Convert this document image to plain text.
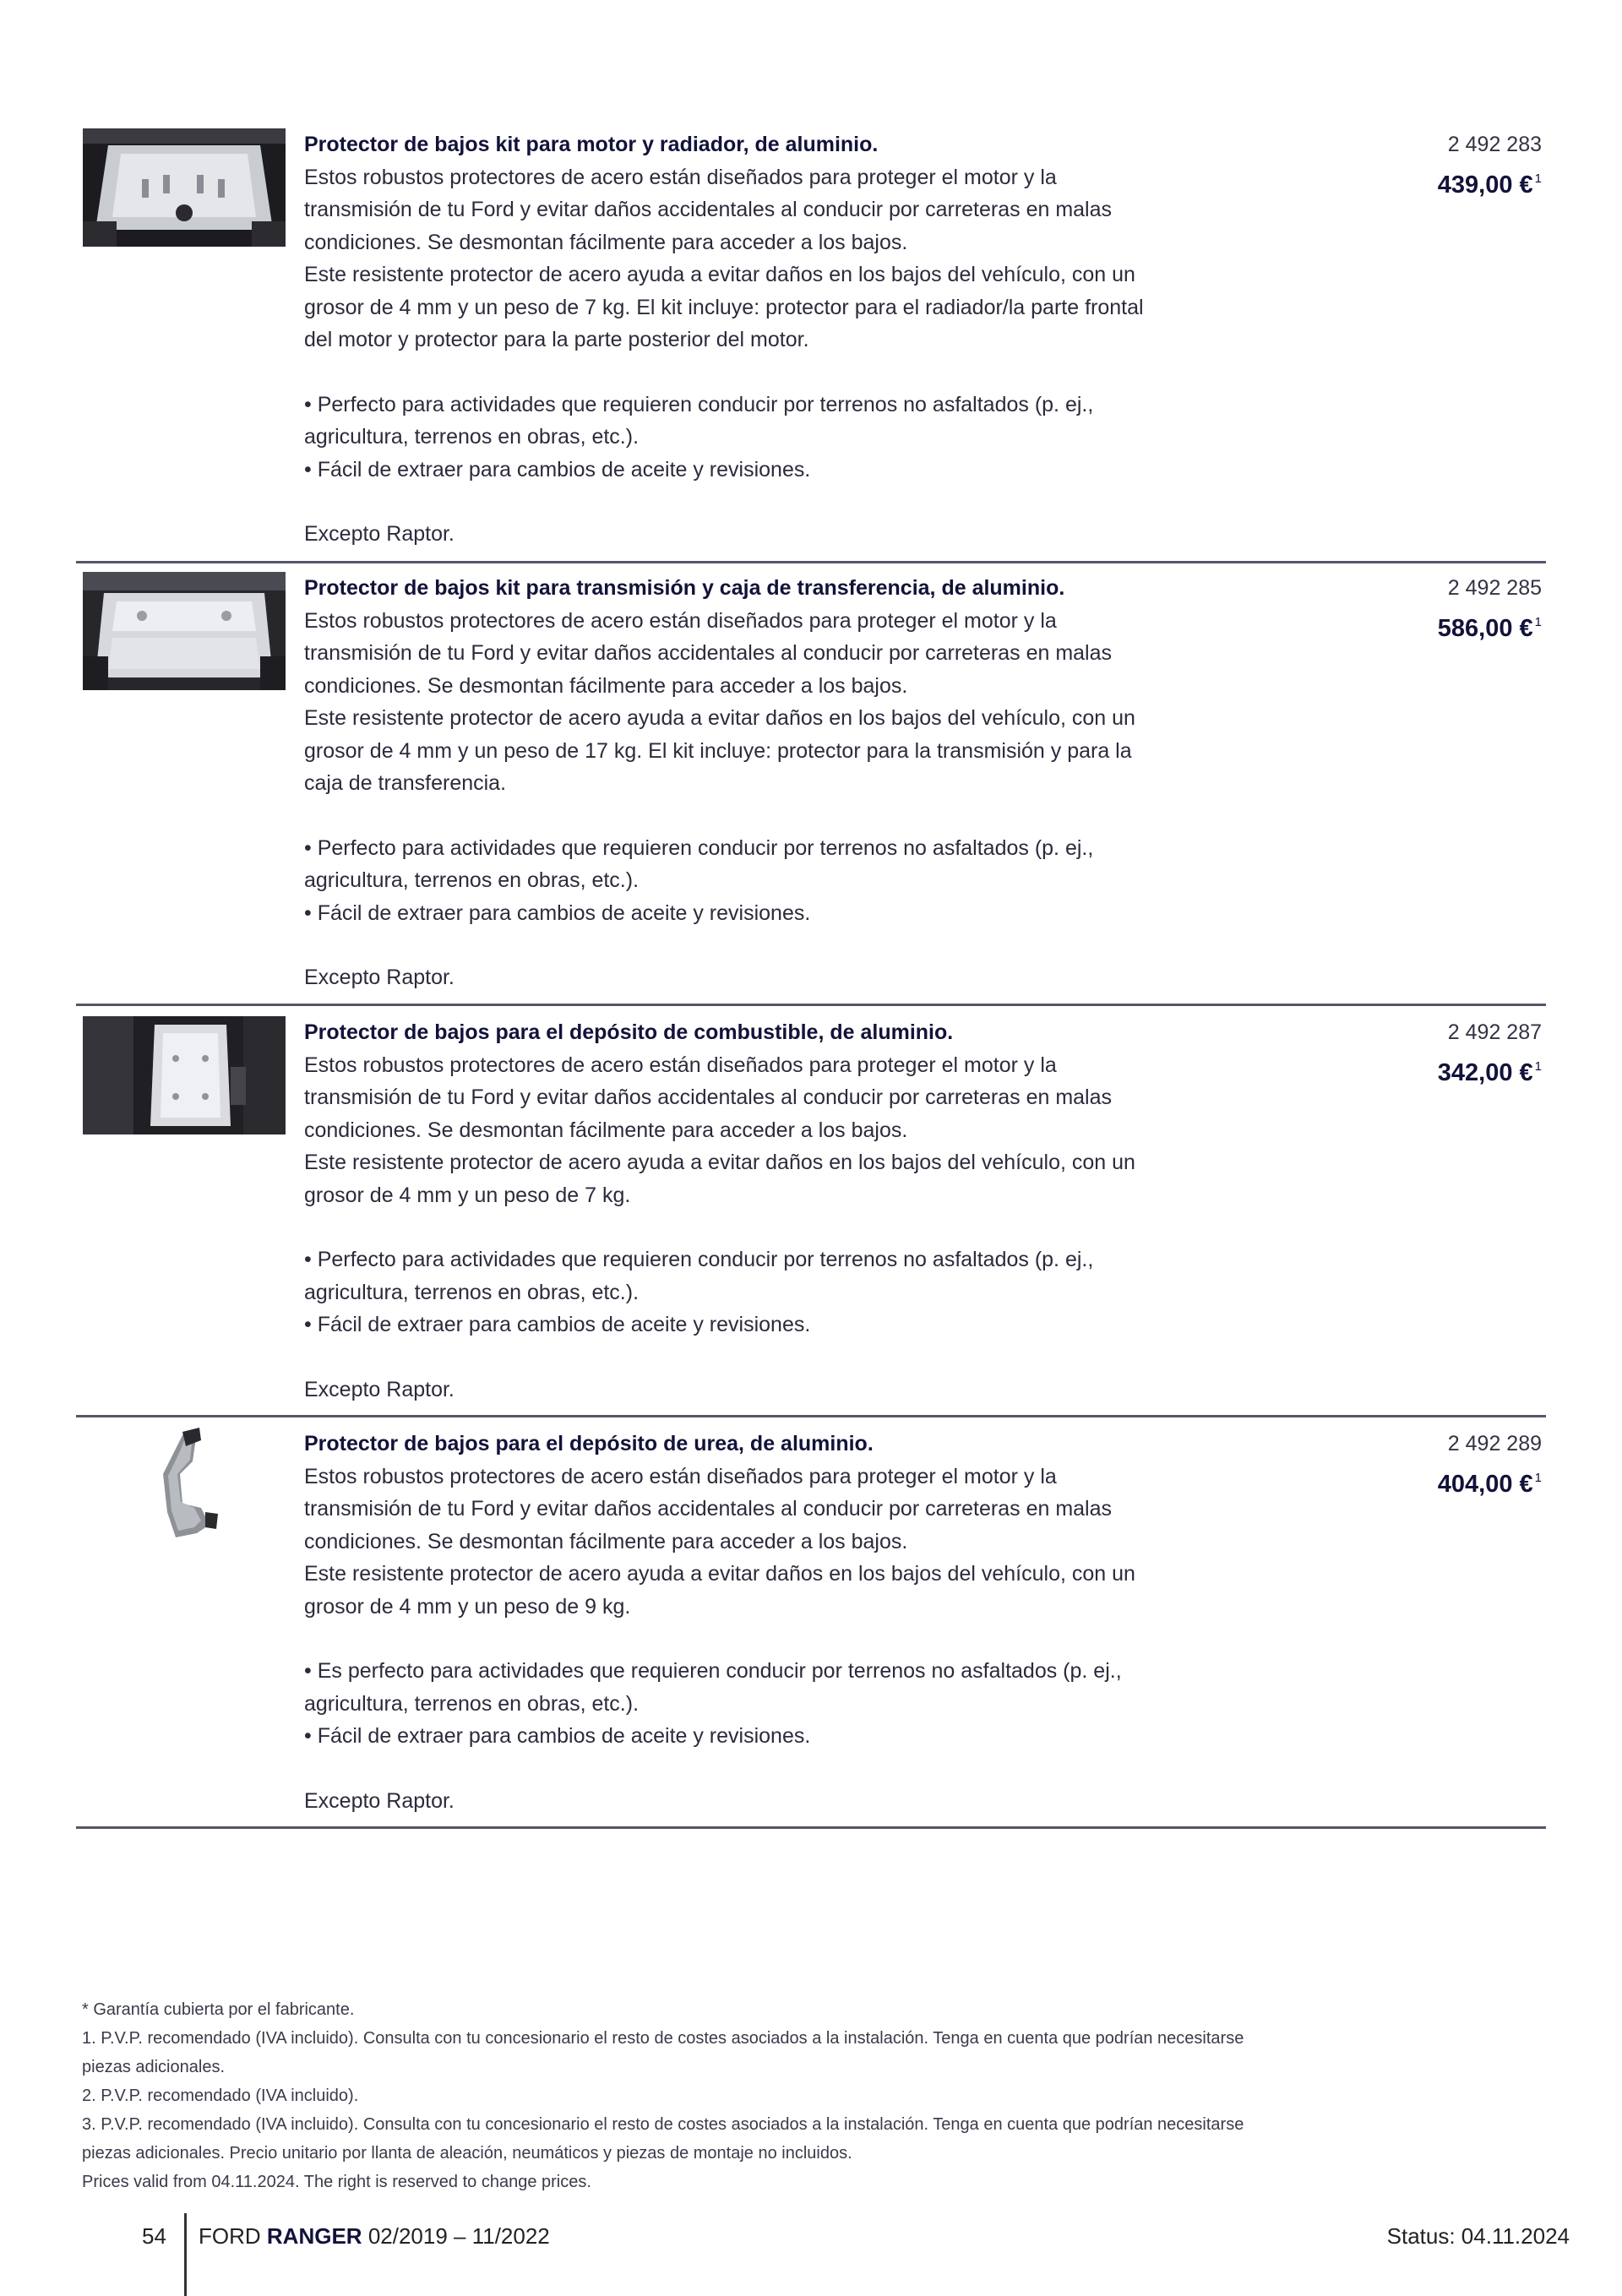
Protector de bajos kit para motor y radiador, de aluminio.
Estos robustos protectores de acero están diseñados para proteger el motor y la
transmisión de tu Ford y evitar daños accidentales al conducir por carreteras en malas
condiciones. Se desmontan fácilmente para acceder a los bajos.
Este resistente protector de acero ayuda a evitar daños en los bajos del vehículo, con un
grosor de 4 mm y un peso de 7 kg. El kit incluye: protector para el radiador/la parte frontal
del motor y protector para la parte posterior del motor.
• Perfecto para actividades que requieren conducir por terrenos no asfaltados (p. ej.,
agricultura, terrenos en obras, etc.).
• Fácil de extraer para cambios de aceite y revisiones.
Excepto Raptor.
2 492 283
439,00 € $^1$
Protector de bajos kit para transmisión y caja de transferencia, de aluminio.
Estos robustos protectores de acero están diseñados para proteger el motor y la
transmisión de tu Ford y evitar daños accidentales al conducir por carreteras en malas
condiciones. Se desmontan fácilmente para acceder a los bajos.
Este resistente protector de acero ayuda a evitar daños en los bajos del vehículo, con un
grosor de 4 mm y un peso de 17 kg. El kit incluye: protector para la transmisión y para la
caja de transferencia.
• Perfecto para actividades que requieren conducir por terrenos no asfaltados (p. ej.,
agricultura, terrenos en obras, etc.).
• Fácil de extraer para cambios de aceite y revisiones.
Excepto Raptor.
2 492 285
586,00 € $^1$
Protector de bajos para el depósito de combustible, de aluminio.
Estos robustos protectores de acero están diseñados para proteger el motor y la
transmisión de tu Ford y evitar daños accidentales al conducir por carreteras en malas
condiciones. Se desmontan fácilmente para acceder a los bajos.
Este resistente protector de acero ayuda a evitar daños en los bajos del vehículo, con un
grosor de 4 mm y un peso de 7 kg.
• Perfecto para actividades que requieren conducir por terrenos no asfaltados (p. ej.,
agricultura, terrenos en obras, etc.).
• Fácil de extraer para cambios de aceite y revisiones.
Excepto Raptor.
2 492 287
342,00 € $^1$
Protector de bajos para el depósito de urea, de aluminio.
Estos robustos protectores de acero están diseñados para proteger el motor y la
transmisión de tu Ford y evitar daños accidentales al conducir por carreteras en malas
condiciones. Se desmontan fácilmente para acceder a los bajos.
Este resistente protector de acero ayuda a evitar daños en los bajos del vehículo, con un
grosor de 4 mm y un peso de 9 kg.
• Es perfecto para actividades que requieren conducir por terrenos no asfaltados (p. ej.,
agricultura, terrenos en obras, etc.).
• Fácil de extraer para cambios de aceite y revisiones.
Excepto Raptor.
2 492 289
404,00 € $^1$

* Garantía cubierta por el fabricante.

1. P.V.P. recomendado (IVA incluido). Consulta con tu concesionario el resto de costes asociados a la instalación. Tenga en cuenta que podrían necesitarse

piezas adicionales.

2. P.V.P. recomendado (IVA incluido).

3. P.V.P. recomendado (IVA incluido). Consulta con tu concesionario el resto de costes asociados a la instalación. Tenga en cuenta que podrían necesitarse

piezas adicionales. Precio unitario por llanta de aleación, neumáticos y piezas de montaje no incluidos.

Prices valid from 04.11.2024. The right is reserved to change prices.

54 FORD RANGER 02/2019 – 11/2022	Status: 04.11.2024
